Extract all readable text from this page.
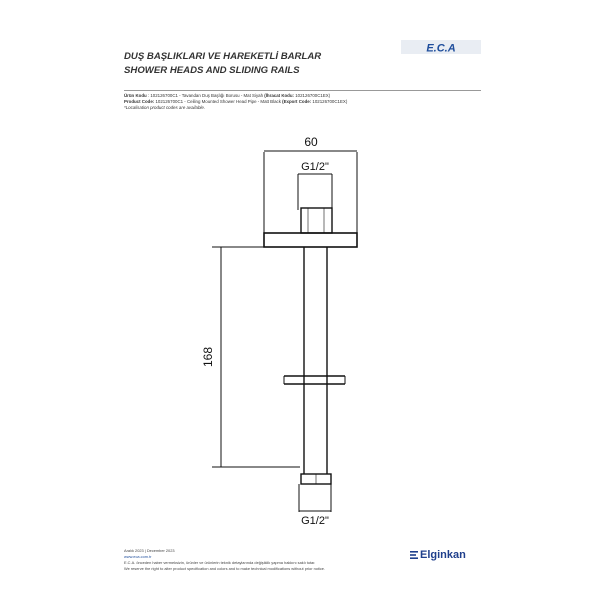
DUŞ BAŞLIKLARI VE HAREKETLİ BARLAR
SHOWER HEADS AND SLIDING RAILS
E.C.A
Ürün Kodu : 102126700C1 - Tavandan Duş Başlığı Borusu - Mat Siyah (İhracat Kodu: 102126700C1EX)
Product Code: 102126700C1 - Ceiling Mounted Shower Head Pipe - Matt Black (Export Code: 102126700C1EX)
*Localisation product codes are available.
60
G1/2"
G1/2"
168
Aralık 2023 | December 2023
www.eca.com.tr
E.C.A. önceden haber vermeksizin, ürünler ve ürünlerin teknik detaylarında değişiklik yapma hakkını saklı tutar.
We reserve the right to alter product specification and colors and to make technical modifications without prior notice.
Elginkan
